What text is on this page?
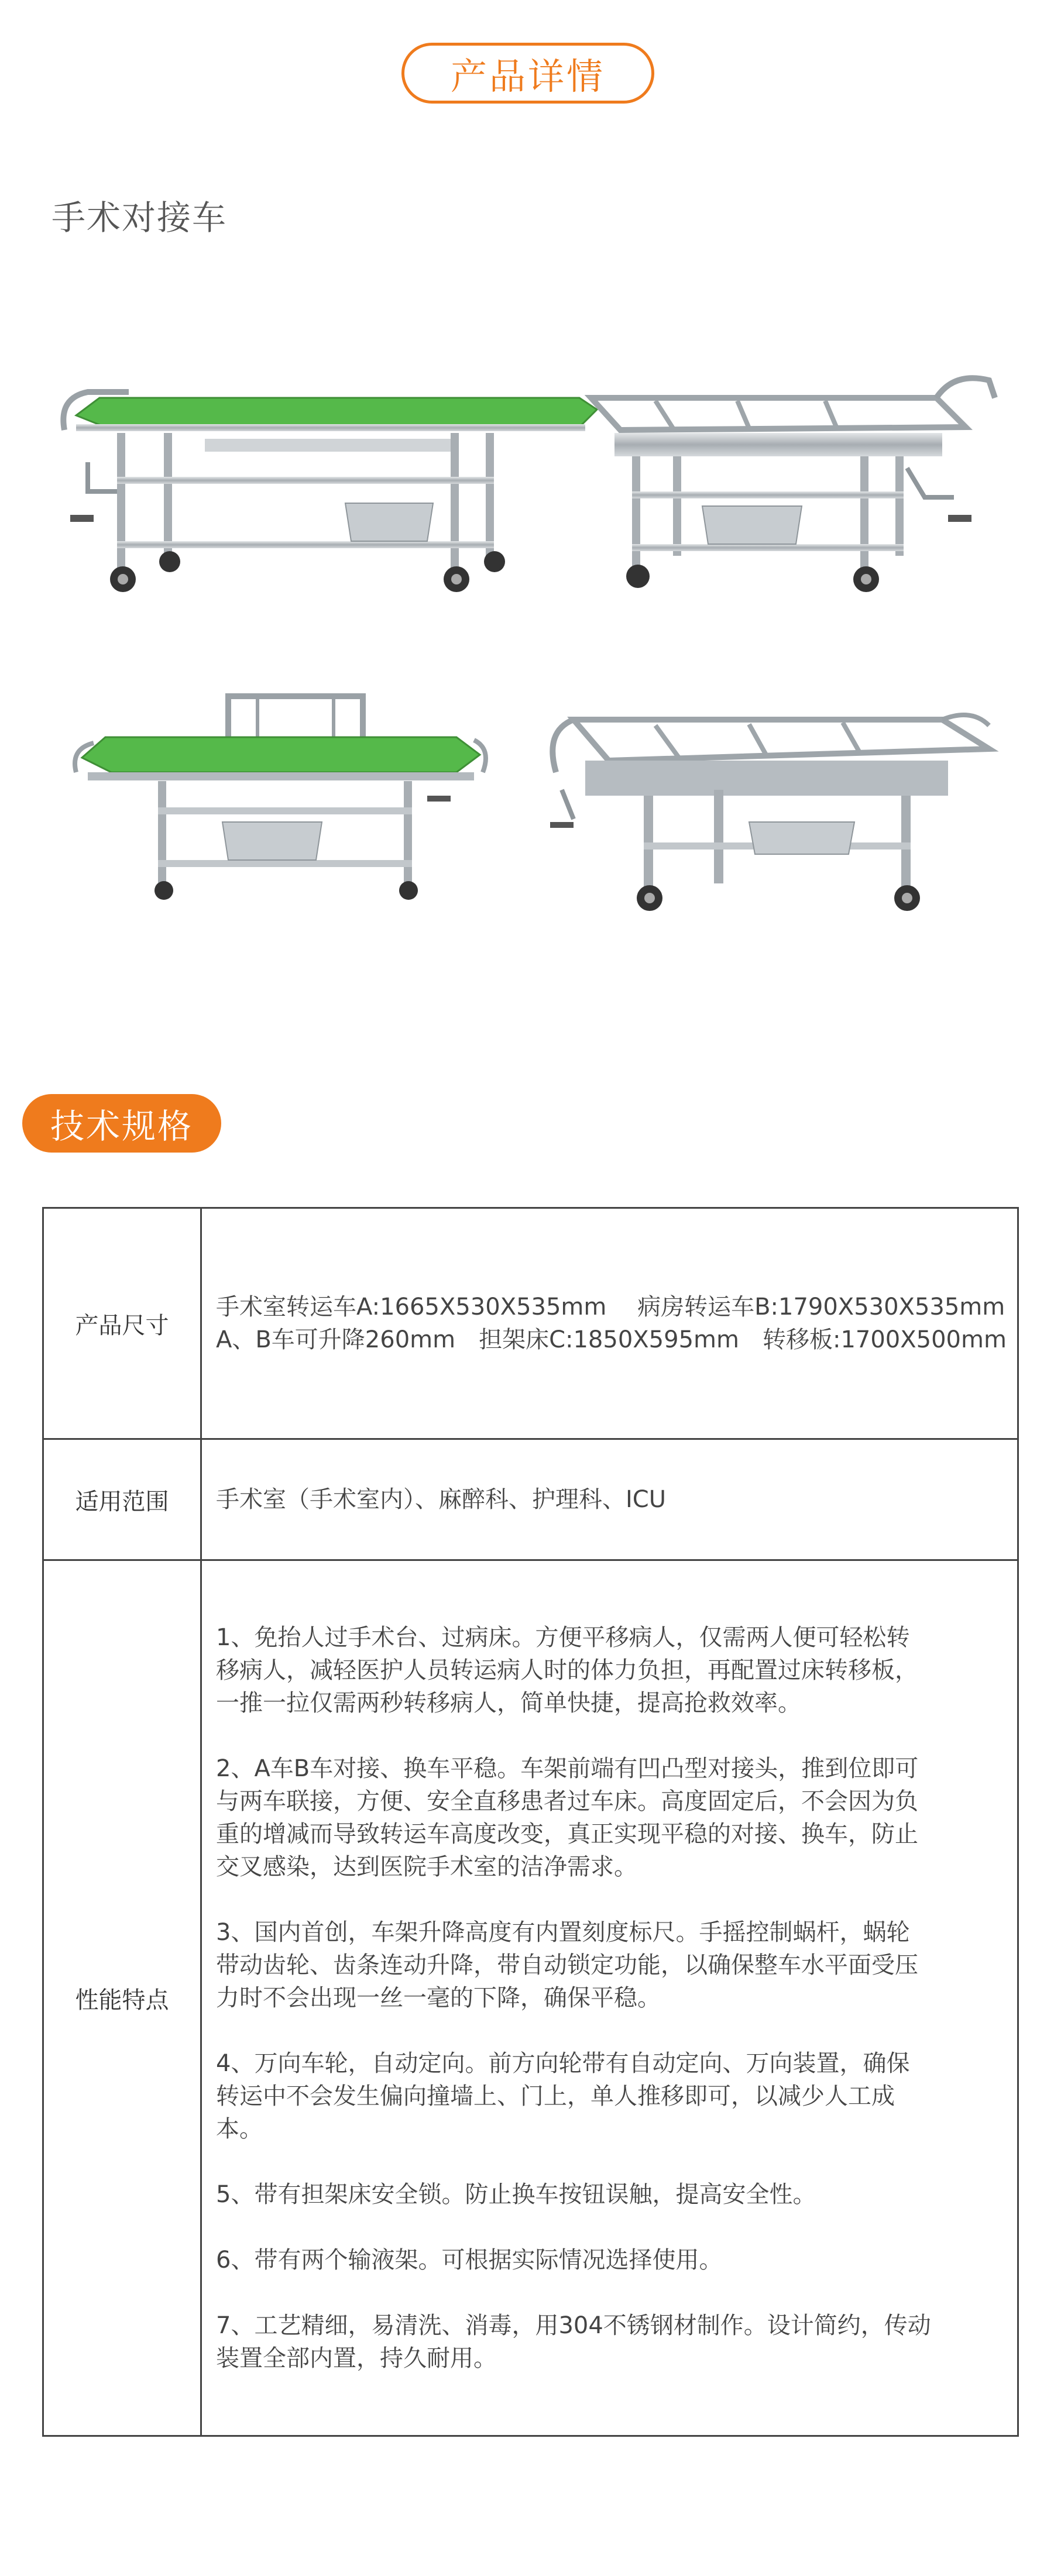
产品详情
手术对接车
技术规格
产品尺寸
手术室转运车A:1665X530X535mm　 病房转运车B:1790X530X535mm
A、B车可升降260mm　担架床C:1850X595mm　转移板:1700X500mm
适用范围	手术室（手术室内）、麻醉科、护理科、ICU
性能特点

1、免抬人过手术台、过病床。方便平移病人，仅需两人便可轻松转
移病人，减轻医护人员转运病人时的体力负担，再配置过床转移板，
一推一拉仅需两秒转移病人，简单快捷，提高抢救效率。

2、A车B车对接、换车平稳。车架前端有凹凸型对接头，推到位即可
与两车联接，方便、安全直移患者过车床。高度固定后，不会因为负
重的增减而导致转运车高度改变，真正实现平稳的对接、换车，防止
交叉感染，达到医院手术室的洁净需求。

3、国内首创，车架升降高度有内置刻度标尺。手摇控制蜗杆，蜗轮
带动齿轮、齿条连动升降，带自动锁定功能，以确保整车水平面受压
力时不会出现一丝一毫的下降，确保平稳。

4、万向车轮，自动定向。前方向轮带有自动定向、万向装置，确保
转运中不会发生偏向撞墙上、门上，单人推移即可，以减少人工成
本。

5、带有担架床安全锁。防止换车按钮误触，提高安全性。

6、带有两个输液架。可根据实际情况选择使用。

7、工艺精细，易清洗、消毒，用304不锈钢材制作。设计简约，传动
装置全部内置，持久耐用。
